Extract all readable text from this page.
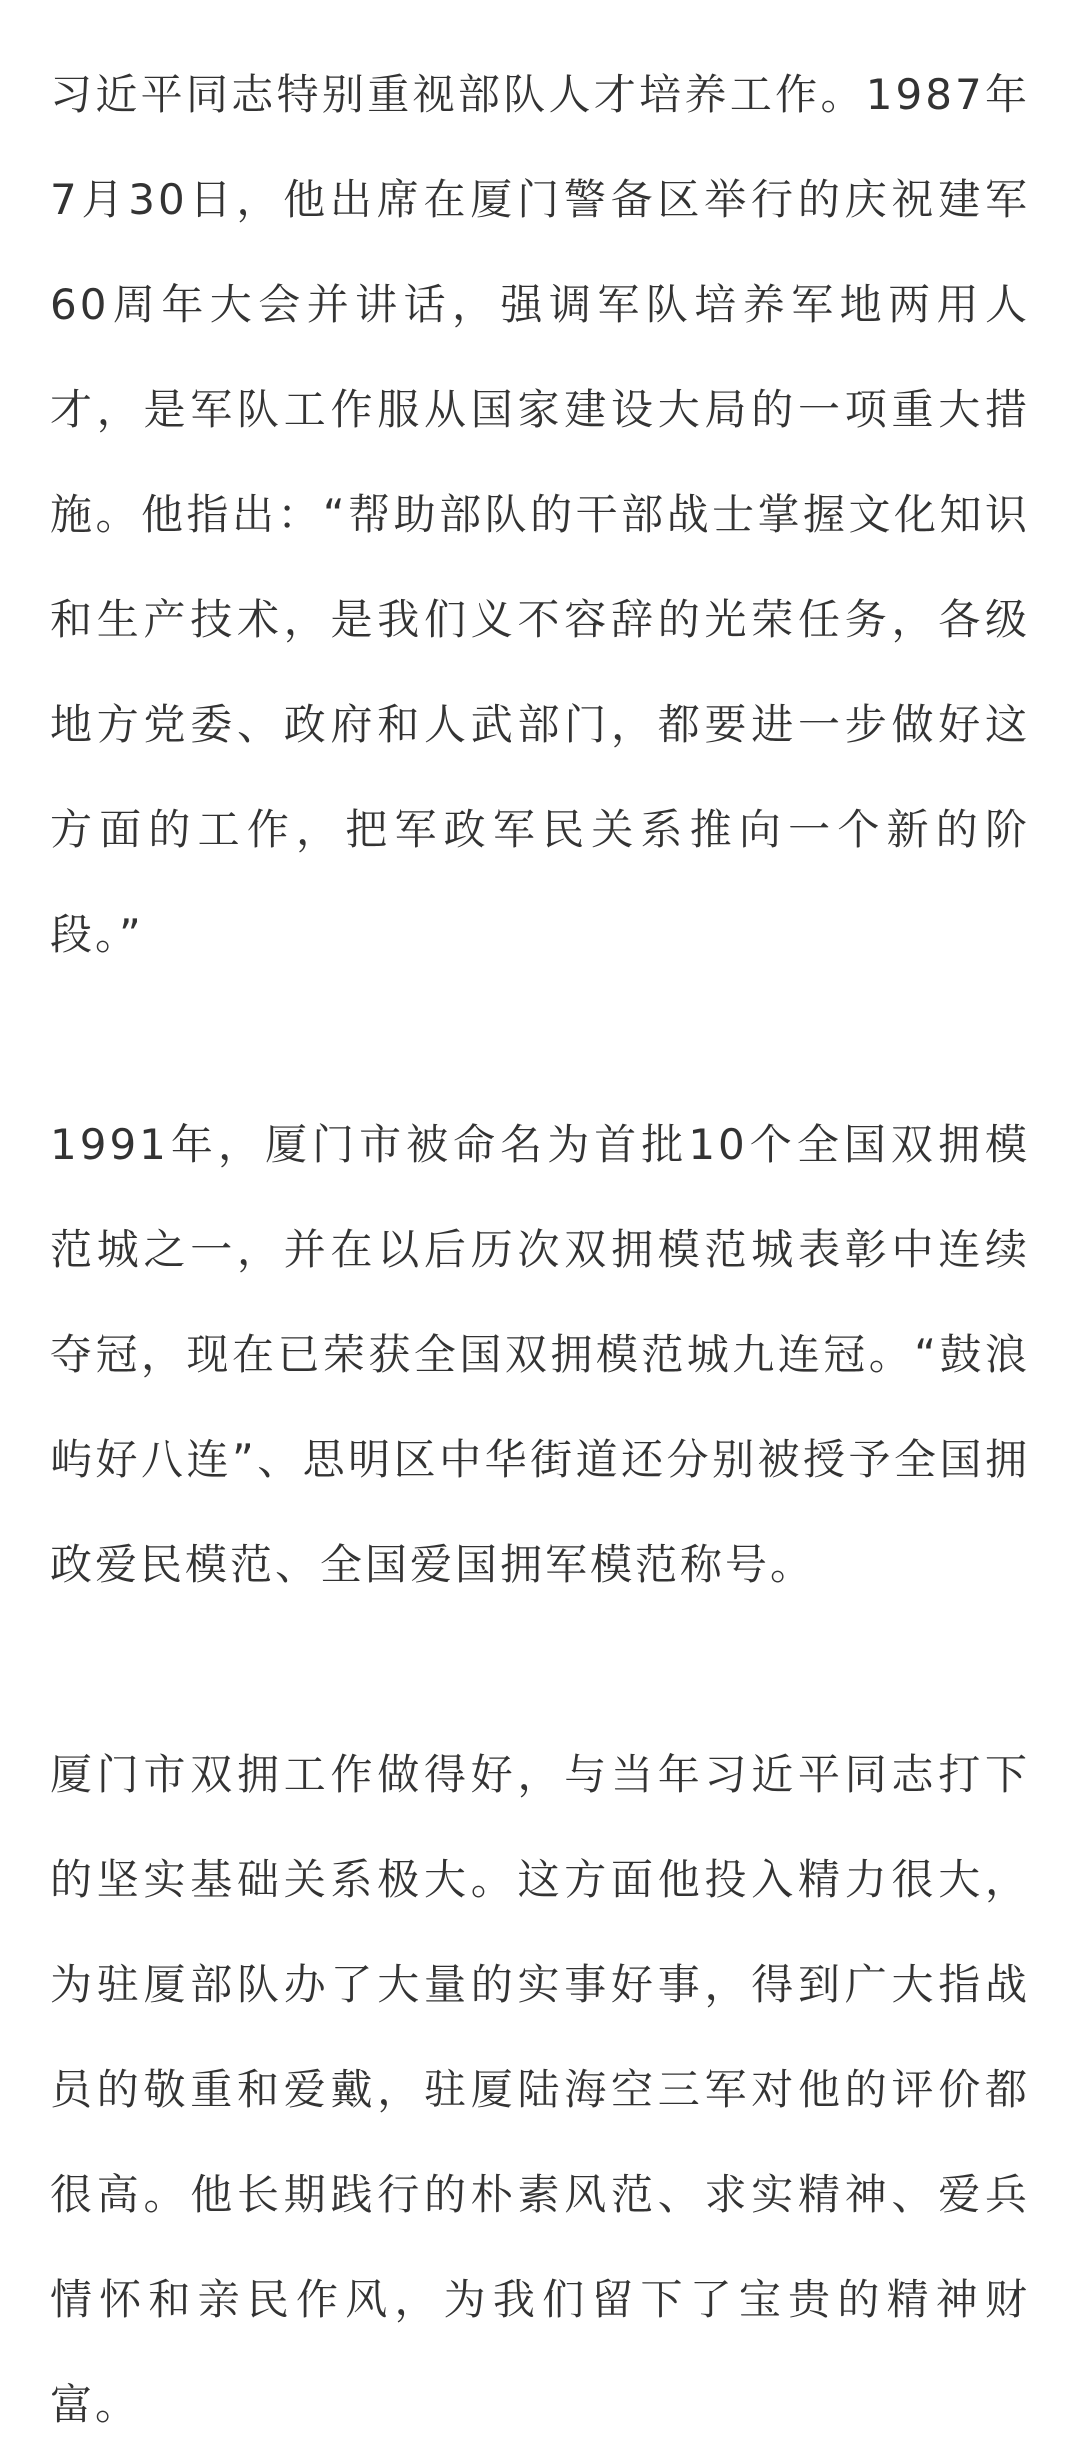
习近平同志特别重视部队人才培养工作。1987年7月30日，他出席在厦门警备区举行的庆祝建军60周年大会并讲话，强调军队培养军地两用人才，是军队工作服从国家建设大局的一项重大措施。他指出：“帮助部队的干部战士掌握文化知识和生产技术，是我们义不容辞的光荣任务，各级地方党委、政府和人武部门，都要进一步做好这方面的工作，把军政军民关系推向一个新的阶段。”

1991年，厦门市被命名为首批10个全国双拥模范城之一，并在以后历次双拥模范城表彰中连续夺冠，现在已荣获全国双拥模范城九连冠。“鼓浪屿好八连”、思明区中华街道还分别被授予全国拥政爱民模范、全国爱国拥军模范称号。

厦门市双拥工作做得好，与当年习近平同志打下的坚实基础关系极大。这方面他投入精力很大，为驻厦部队办了大量的实事好事，得到广大指战员的敬重和爱戴，驻厦陆海空三军对他的评价都很高。他长期践行的朴素风范、求实精神、爱兵情怀和亲民作风，为我们留下了宝贵的精神财富。
